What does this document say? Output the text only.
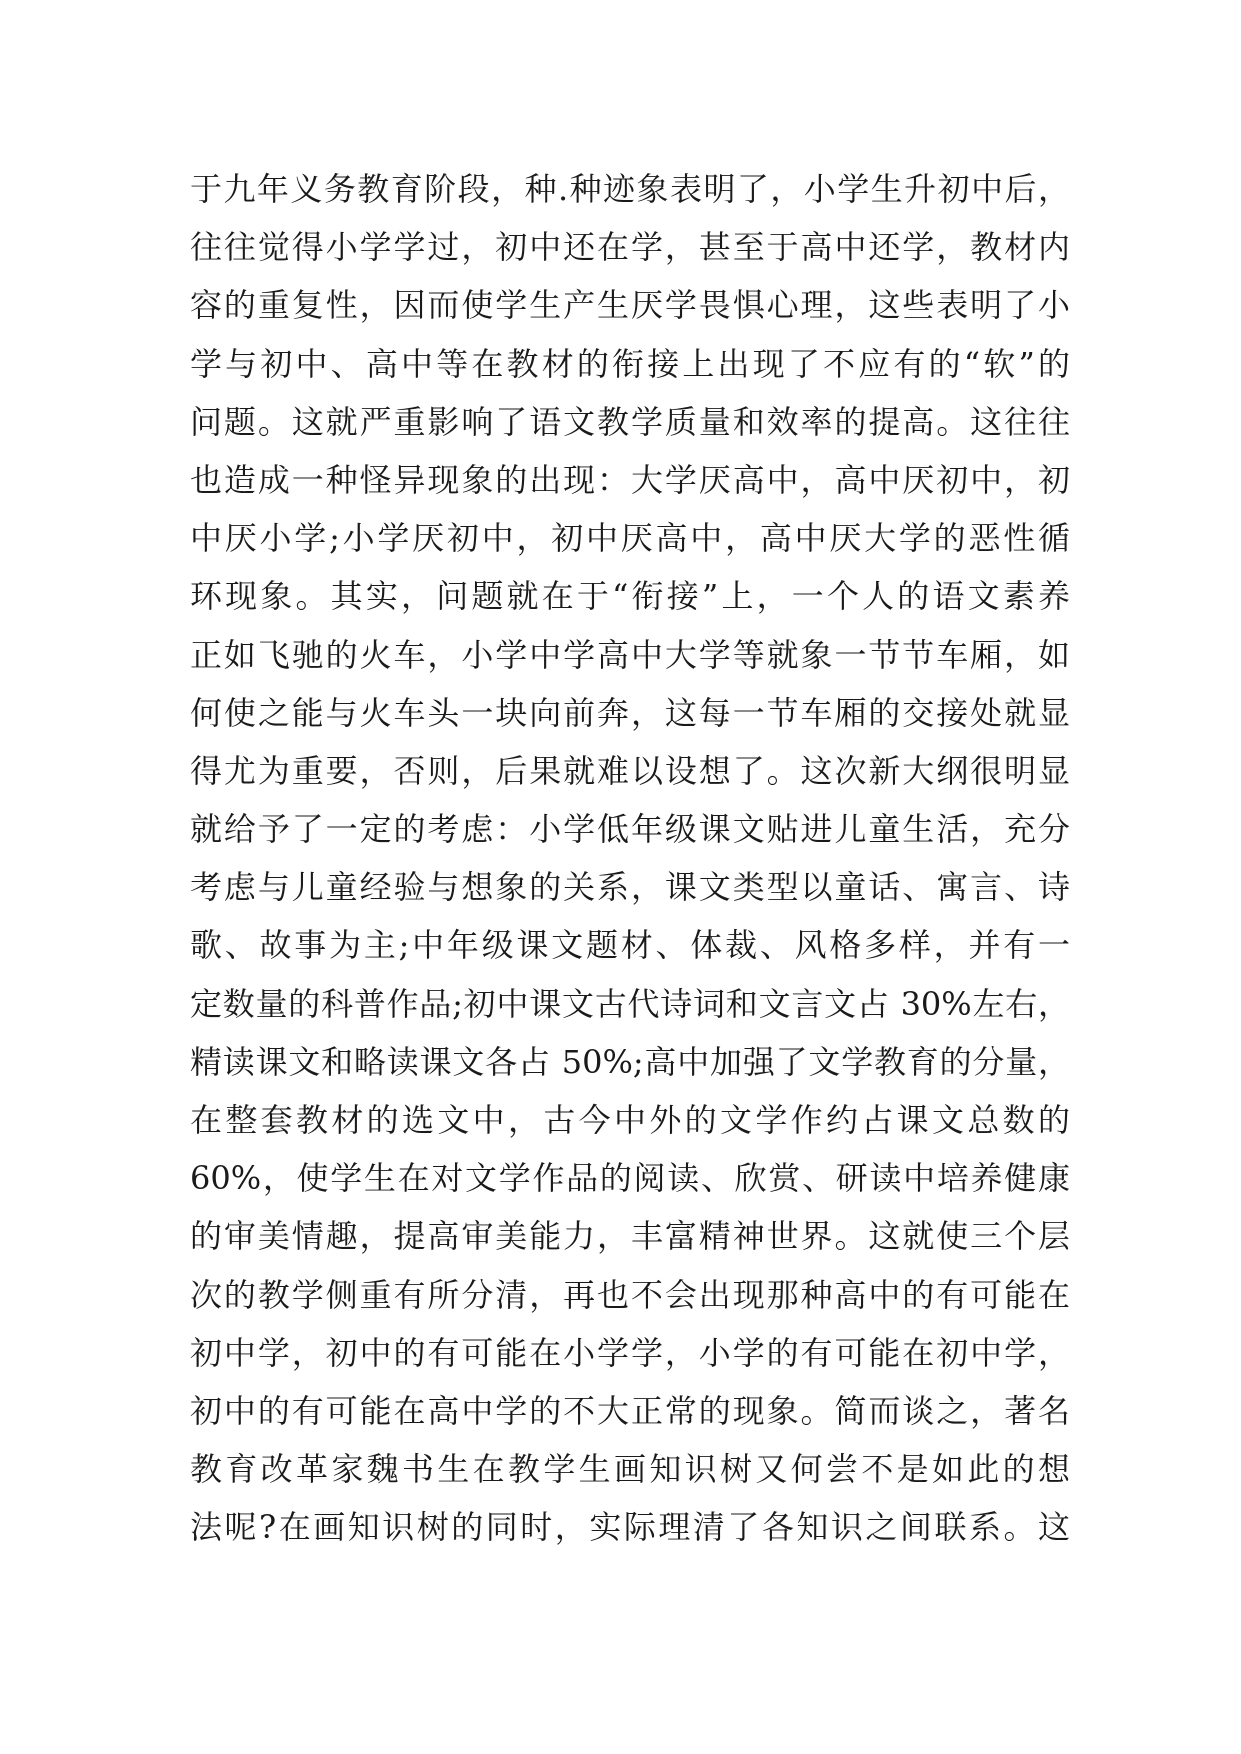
于九年义务教育阶段，种.种迹象表明了，小学生升初中后，
往往觉得小学学过，初中还在学，甚至于高中还学，教材内
容的重复性，因而使学生产生厌学畏惧心理，这些表明了小
学与初中、高中等在教材的衔接上出现了不应有的“软”的
问题。这就严重影响了语文教学质量和效率的提高。这往往
也造成一种怪异现象的出现：大学厌高中，高中厌初中，初
中厌小学;小学厌初中，初中厌高中，高中厌大学的恶性循
环现象。其实，问题就在于“衔接”上，一个人的语文素养
正如飞驰的火车，小学中学高中大学等就象一节节车厢，如
何使之能与火车头一块向前奔，这每一节车厢的交接处就显
得尤为重要，否则，后果就难以设想了。这次新大纲很明显
就给予了一定的考虑：小学低年级课文贴进儿童生活，充分
考虑与儿童经验与想象的关系，课文类型以童话、寓言、诗
歌、故事为主;中年级课文题材、体裁、风格多样，并有一
定数量的科普作品;初中课文古代诗词和文言文占 30%左右，
精读课文和略读课文各占 50%;高中加强了文学教育的分量，
在整套教材的选文中，古今中外的文学作约占课文总数的
60%，使学生在对文学作品的阅读、欣赏、研读中培养健康
的审美情趣，提高审美能力，丰富精神世界。这就使三个层
次的教学侧重有所分清，再也不会出现那种高中的有可能在
初中学，初中的有可能在小学学，小学的有可能在初中学，
初中的有可能在高中学的不大正常的现象。简而谈之，著名
教育改革家魏书生在教学生画知识树又何尝不是如此的想
法呢?在画知识树的同时，实际理清了各知识之间联系。这
